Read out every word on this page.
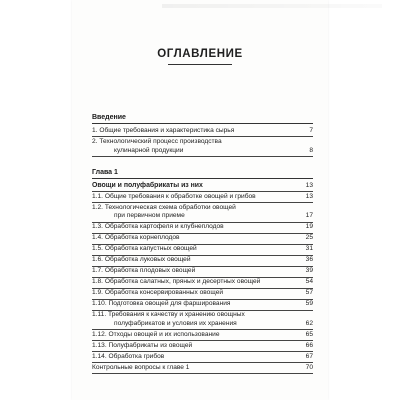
ОГЛАВЛЕНИЕ
Введение
1. Общие требования и характеристика сырья	7
2. Технологический процесс производства
кулинарной продукции	8
Глава 1
Овощи и полуфабрикаты из них	13
1.1. Общие требования к обработке овощей и грибов	13
1.2. Технологическая схема обработки овощей
при первичном приеме	17
1.3. Обработка картофеля и клубнеплодов	19
1.4. Обработка корнеплодов	25
1.5. Обработка капустных овощей	31
1.6. Обработка луковых овощей	36
1.7. Обработка плодовых овощей	39
1.8. Обработка салатных, пряных и десертных овощей	54
1.9. Обработка консервированных овощей	57
1.10. Подготовка овощей для фарширования	59
1.11. Требования к качеству и хранению овощных
полуфабрикатов и условия их хранения	62
1.12. Отходы овощей и их использование	65
1.13. Полуфабрикаты из овощей	66
1.14. Обработка грибов	67
Контрольные вопросы к главе 1	70
